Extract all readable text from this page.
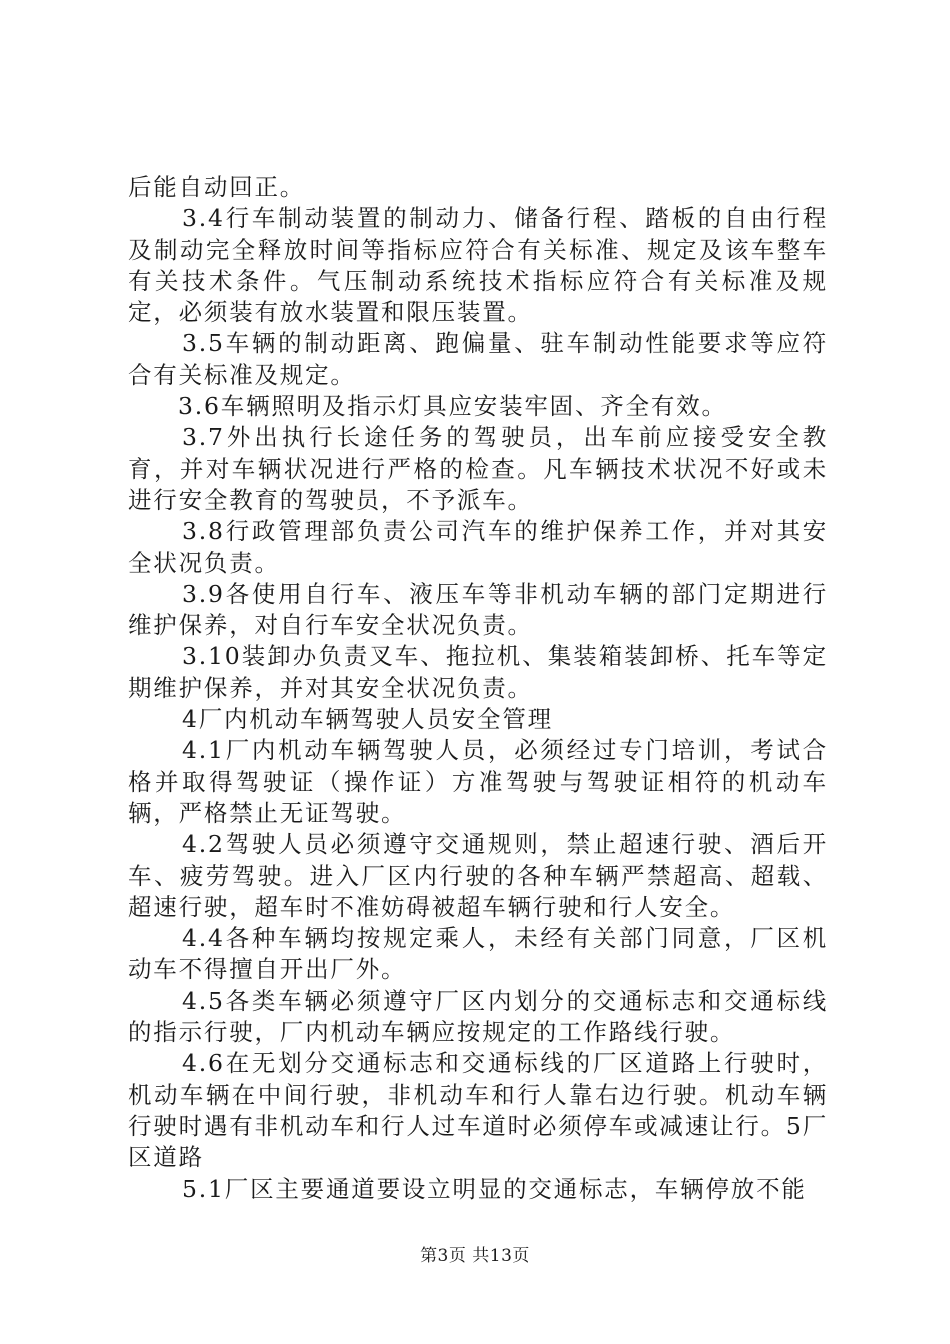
后能自动回正。

3.4行车制动装置的制动力、储备行程、踏板的自由行程及制动完全释放时间等指标应符合有关标准、规定及该车整车有关技术条件。气压制动系统技术指标应符合有关标准及规定，必须装有放水装置和限压装置。

3.5车辆的制动距离、跑偏量、驻车制动性能要求等应符合有关标准及规定。

3.6车辆照明及指示灯具应安装牢固、齐全有效。

3.7外出执行长途任务的驾驶员，出车前应接受安全教育，并对车辆状况进行严格的检查。凡车辆技术状况不好或未进行安全教育的驾驶员，不予派车。

3.8行政管理部负责公司汽车的维护保养工作，并对其安全状况负责。

3.9各使用自行车、液压车等非机动车辆的部门定期进行维护保养，对自行车安全状况负责。

3.10装卸办负责叉车、拖拉机、集装箱装卸桥、托车等定期维护保养，并对其安全状况负责。

4厂内机动车辆驾驶人员安全管理

4.1厂内机动车辆驾驶人员，必须经过专门培训，考试合格并取得驾驶证（操作证）方准驾驶与驾驶证相符的机动车辆，严格禁止无证驾驶。

4.2驾驶人员必须遵守交通规则，禁止超速行驶、酒后开车、疲劳驾驶。进入厂区内行驶的各种车辆严禁超高、超载、超速行驶，超车时不准妨碍被超车辆行驶和行人安全。

4.4各种车辆均按规定乘人，未经有关部门同意，厂区机动车不得擅自开出厂外。

4.5各类车辆必须遵守厂区内划分的交通标志和交通标线的指示行驶，厂内机动车辆应按规定的工作路线行驶。

4.6在无划分交通标志和交通标线的厂区道路上行驶时，机动车辆在中间行驶，非机动车和行人靠右边行驶。机动车辆行驶时遇有非机动车和行人过车道时必须停车或减速让行。5厂区道路

5.1厂区主要通道要设立明显的交通标志，车辆停放不能

第3页 共13页
